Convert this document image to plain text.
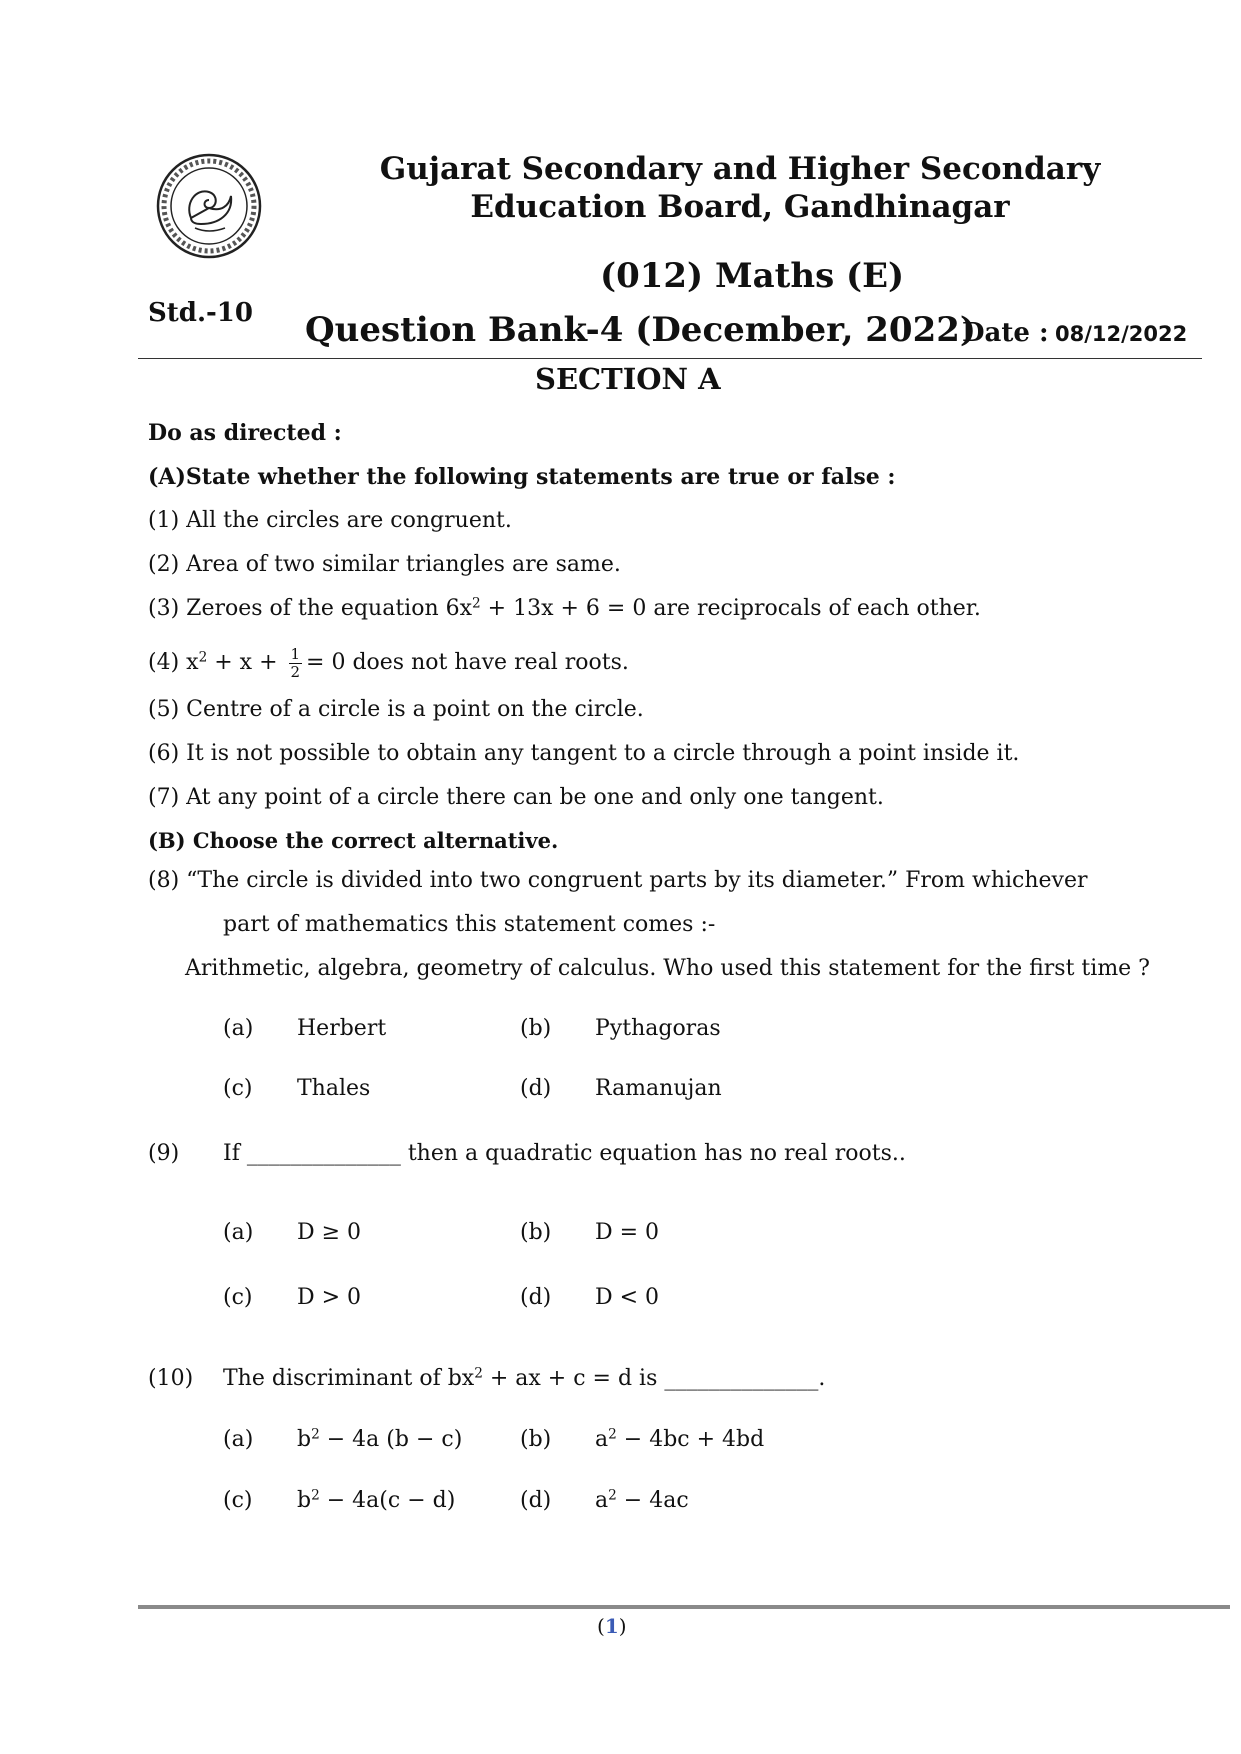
Gujarat Secondary and Higher Secondary Education Board, Gandhinagar
(012) Maths (E)
Std.-10 Question Bank-4 (December, 2022)
Date : 08/12/2022
SECTION A
Do as directed :
(A)State whether the following statements are true or false :
(1) All the circles are congruent.
(2) Area of two similar triangles are same.
(3) Zeroes of the equation $6x^2 + 13x + 6 = 0$ are reciprocals of each other.
(4) $x^2 + x + \frac{1}{2} = 0$ does not have real roots.
(5) Centre of a circle is a point on the circle.
(6) It is not possible to obtain any tangent to a circle through a point inside it.
(7) At any point of a circle there can be one and only one tangent.
(B) Choose the correct alternative.
(8) “The circle is divided into two congruent parts by its diameter.” From whichever
part of mathematics this statement comes :-
Arithmetic, algebra, geometry of calculus. Who used this statement for the first time ?
(a) Herbert	(b) Pythagoras
(c) Thales	(d) Ramanujan
(9) If ______________ then a quadratic equation has no real roots..
(a) D ≥ 0	(b) D = 0
(c) D > 0	(d) D < 0
(10) The discriminant of $bx^2$ + ax + c = d is ______________.
(a) $b^2 - 4a$ (b − c)	(b) $a^2 - 4bc + 4bd$
(c) $b^2 - 4a(c - d)$	(d) $a^2 - 4ac$
(1)
